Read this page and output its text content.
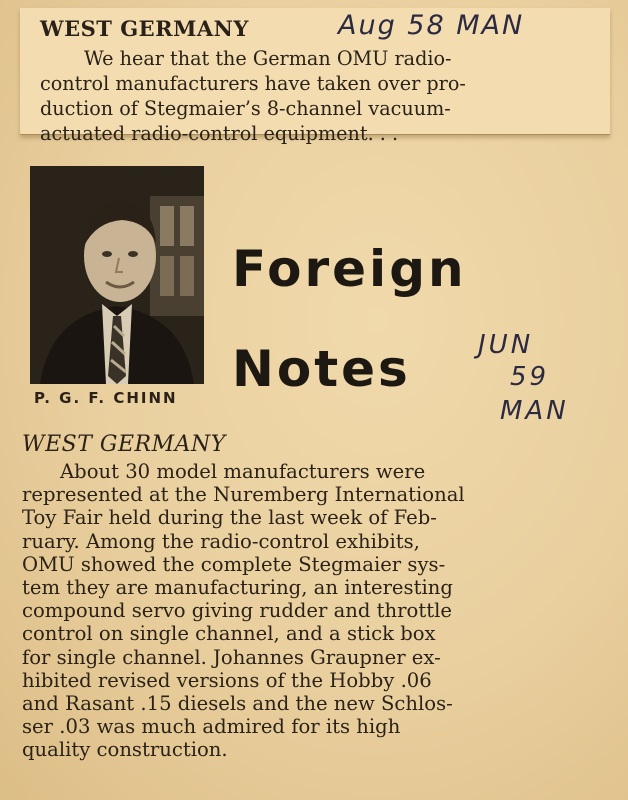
WEST GERMANY	Aug 58 MAN
We hear that the German OMU radio-
control manufacturers have taken over pro-
duction of Stegmaier’s 8-channel vacuum-
actuated radio-control equipment. . .
P. G. F. CHINN
Foreign
Notes	JUN
59
MAN
WEST GERMANY
About 30 model manufacturers were
represented at the Nuremberg International
Toy Fair held during the last week of Feb-
ruary. Among the radio-control exhibits,
OMU showed the complete Stegmaier sys-
tem they are manufacturing, an interesting
compound servo giving rudder and throttle
control on single channel, and a stick box
for single channel. Johannes Graupner ex-
hibited revised versions of the Hobby .06
and Rasant .15 diesels and the new Schlos-
ser .03 was much admired for its high
quality construction.
